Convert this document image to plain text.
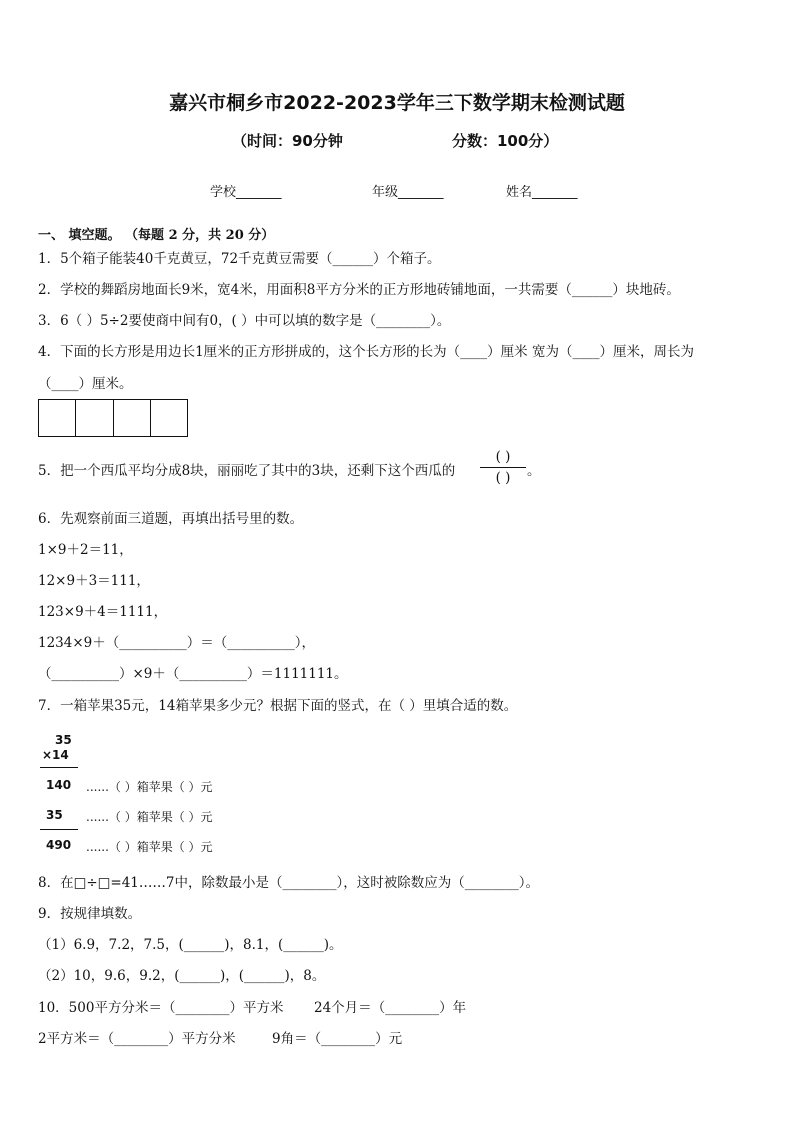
嘉兴市桐乡市2022-2023学年三下数学期末检测试题
（时间：90分钟	分数：100分）
学校_______	年级_______	姓名_______
一、 填空题。 （每题 2 分，共 20 分）
1．5个箱子能装40千克黄豆，72千克黄豆需要（______）个箱子。
2．学校的舞蹈房地面长9米，宽4米，用面积8平方分米的正方形地砖铺地面，一共需要（______）块地砖。
3．6（ ）5÷2要使商中间有0，( ）中可以填的数字是（________）。
4．下面的长方形是用边长1厘米的正方形拼成的，这个长方形的长为（____）厘米 宽为（____）厘米，周长为
（____）厘米。
5．把一个西瓜平均分成8块，丽丽吃了其中的3块，还剩下这个西瓜的
( )
( )	。
6．先观察前面三道题，再填出括号里的数。
1×9＋2＝11，
12×9＋3＝111，
123×9＋4＝1111，
1234×9＋（__________）＝（__________），
（__________）×9＋（__________）＝1111111。
7．一箱苹果35元，14箱苹果多少元？根据下面的竖式，在（ ）里填合适的数。
35
×14
140 ......（ ）箱苹果（ ）元
35 ......（ ）箱苹果（ ）元
490 ......（ ）箱苹果（ ）元
8．在□÷□=41……7中，除数最小是（________），这时被除数应为（________）。
9．按规律填数。
（1）6.9，7.2，7.5，(______)，8.1，(______)。
（2）10，9.6，9.2，(______)，(______)，8。
10．500平方分米＝（________）平方米 24个月＝（________）年
2平方米＝（________）平方分米	9角＝（________）元
